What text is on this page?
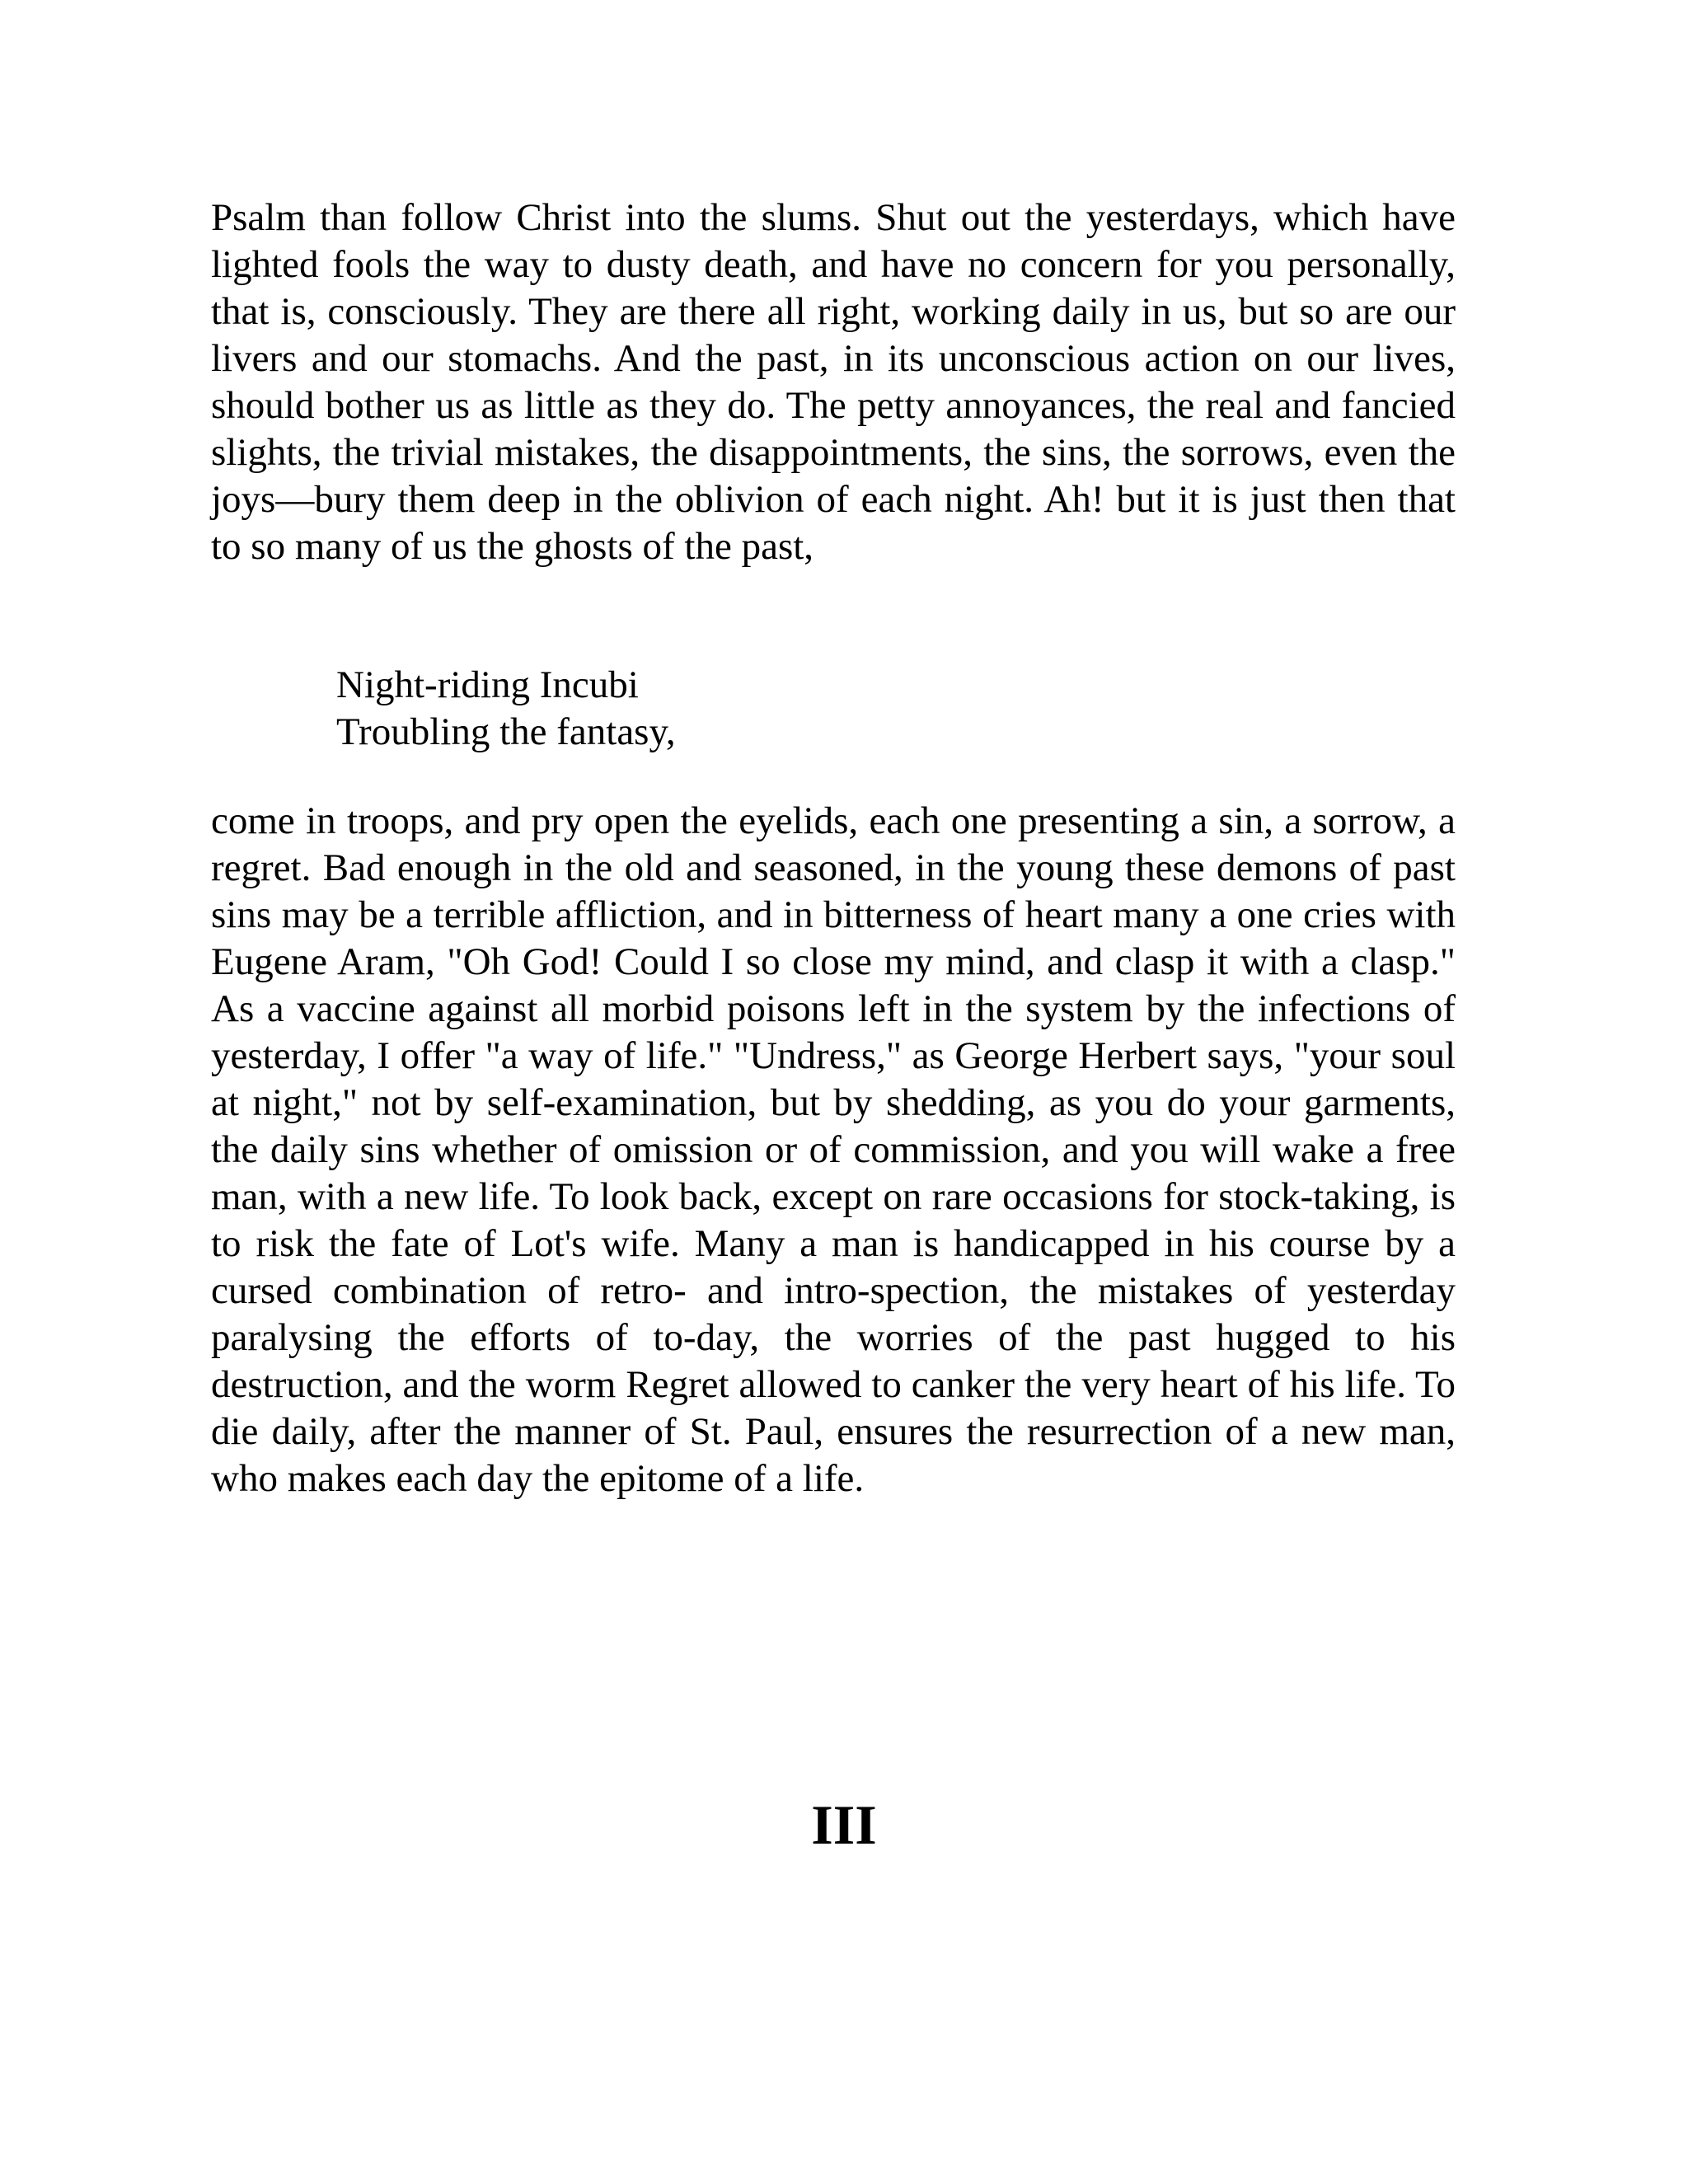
Psalm than follow Christ into the slums. Shut out the yesterdays, which have lighted fools the way to dusty death, and have no concern for you personally, that is, consciously. They are there all right, working daily in us, but so are our livers and our stomachs. And the past, in its unconscious action on our lives, should bother us as little as they do. The petty annoyances, the real and fancied slights, the trivial mistakes, the disappointments, the sins, the sorrows, even the joys—bury them deep in the oblivion of each night. Ah! but it is just then that to so many of us the ghosts of the past,

Night-riding Incubi
Troubling the fantasy,

come in troops, and pry open the eyelids, each one presenting a sin, a sorrow, a regret. Bad enough in the old and seasoned, in the young these demons of past sins may be a terrible affliction, and in bitterness of heart many a one cries with Eugene Aram, "Oh God! Could I so close my mind, and clasp it with a clasp." As a vaccine against all morbid poisons left in the system by the infections of yesterday, I offer "a way of life." "Undress," as George Herbert says, "your soul at night," not by self-examination, but by shedding, as you do your garments, the daily sins whether of omission or of commission, and you will wake a free man, with a new life. To look back, except on rare occasions for stock-taking, is to risk the fate of Lot's wife. Many a man is handicapped in his course by a cursed combination of retro- and intro-spection, the mistakes of yesterday paralysing the efforts of to-day, the worries of the past hugged to his destruction, and the worm Regret allowed to canker the very heart of his life. To die daily, after the manner of St. Paul, ensures the resurrection of a new man, who makes each day the epitome of a life.

III
